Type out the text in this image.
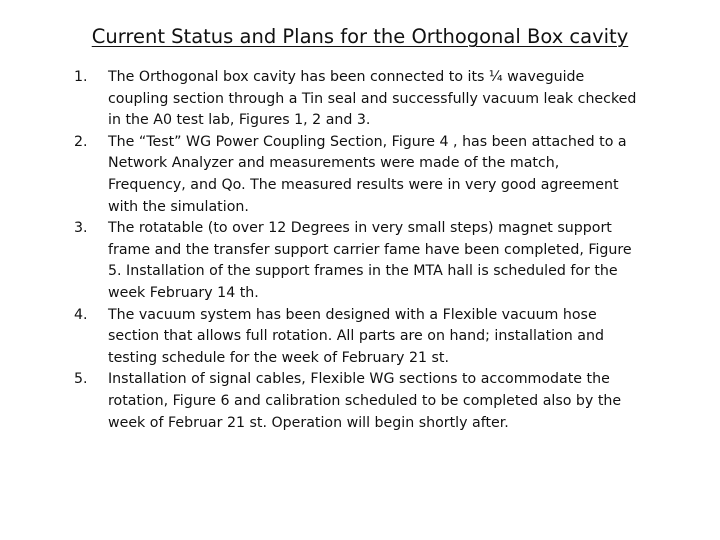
Current Status and Plans for the Orthogonal Box cavity
1. The Orthogonal box cavity has been connected to its ¼ waveguide coupling section through a Tin seal and successfully vacuum leak checked in the A0 test lab, Figures 1, 2 and 3.
2. The “Test” WG Power Coupling Section, Figure 4 , has been attached to a Network Analyzer and measurements were made of the match, Frequency, and Qo. The measured results were in very good agreement with the simulation.
3. The rotatable (to over 12 Degrees in very small steps) magnet support frame and the transfer support carrier fame have been completed, Figure 5. Installation of the support frames in the MTA hall is scheduled for the week February 14 th.
4. The vacuum system has been designed with a Flexible vacuum hose section that allows full rotation. All parts are on hand; installation and testing schedule for the week of February 21 st.
5. Installation of signal cables, Flexible WG sections to accommodate the rotation, Figure 6 and calibration scheduled to be completed also by the week of Februar 21 st. Operation will begin shortly after.
